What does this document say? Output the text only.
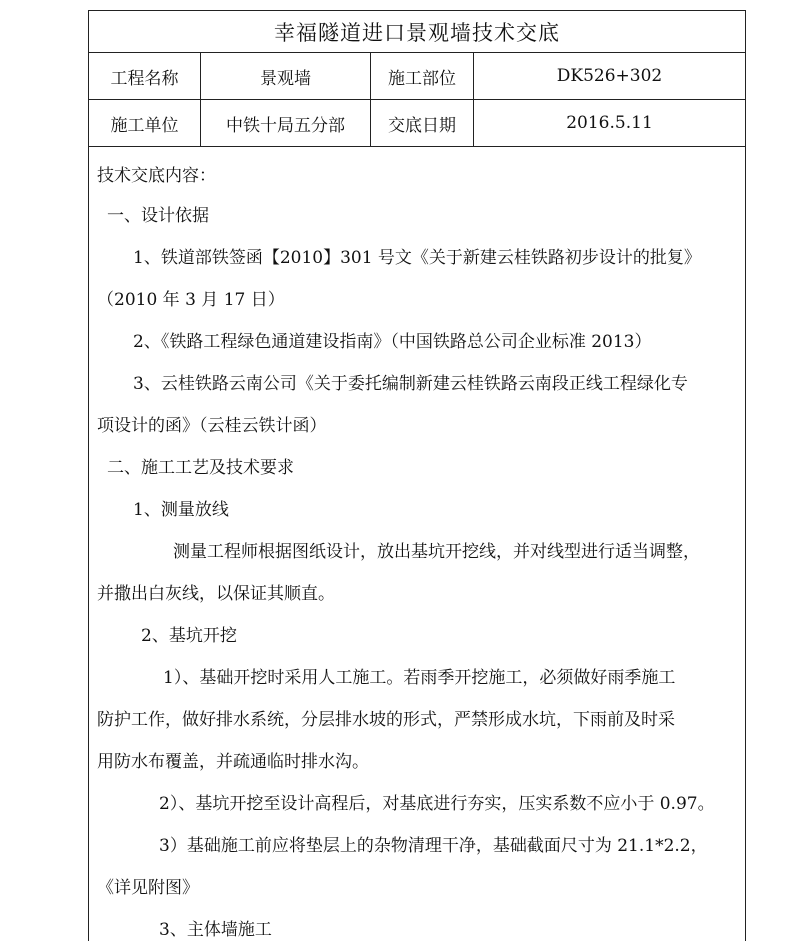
幸福隧道进口景观墙技术交底
工程名称	景观墙	施工部位	DK526+302
施工单位	中铁十局五分部	交底日期	2016.5.11
技术交底内容：
一、设计依据
1、铁道部铁签函【2010】301 号文《关于新建云桂铁路初步设计的批复》
（2010 年 3 月 17 日）
2、《铁路工程绿色通道建设指南》（中国铁路总公司企业标准 2013）
3、云桂铁路云南公司《关于委托编制新建云桂铁路云南段正线工程绿化专
项设计的函》（云桂云铁计函）
二、施工工艺及技术要求
1、测量放线
测量工程师根据图纸设计，放出基坑开挖线，并对线型进行适当调整，
并撒出白灰线，以保证其顺直。
2、基坑开挖
1）、基础开挖时采用人工施工。若雨季开挖施工，必须做好雨季施工
防护工作，做好排水系统，分层排水坡的形式，严禁形成水坑，下雨前及时采
用防水布覆盖，并疏通临时排水沟。
2）、基坑开挖至设计高程后，对基底进行夯实，压实系数不应小于 0.97。
3）基础施工前应将垫层上的杂物清理干净，基础截面尺寸为 21.1*2.2，
《详见附图》
3、主体墙施工
